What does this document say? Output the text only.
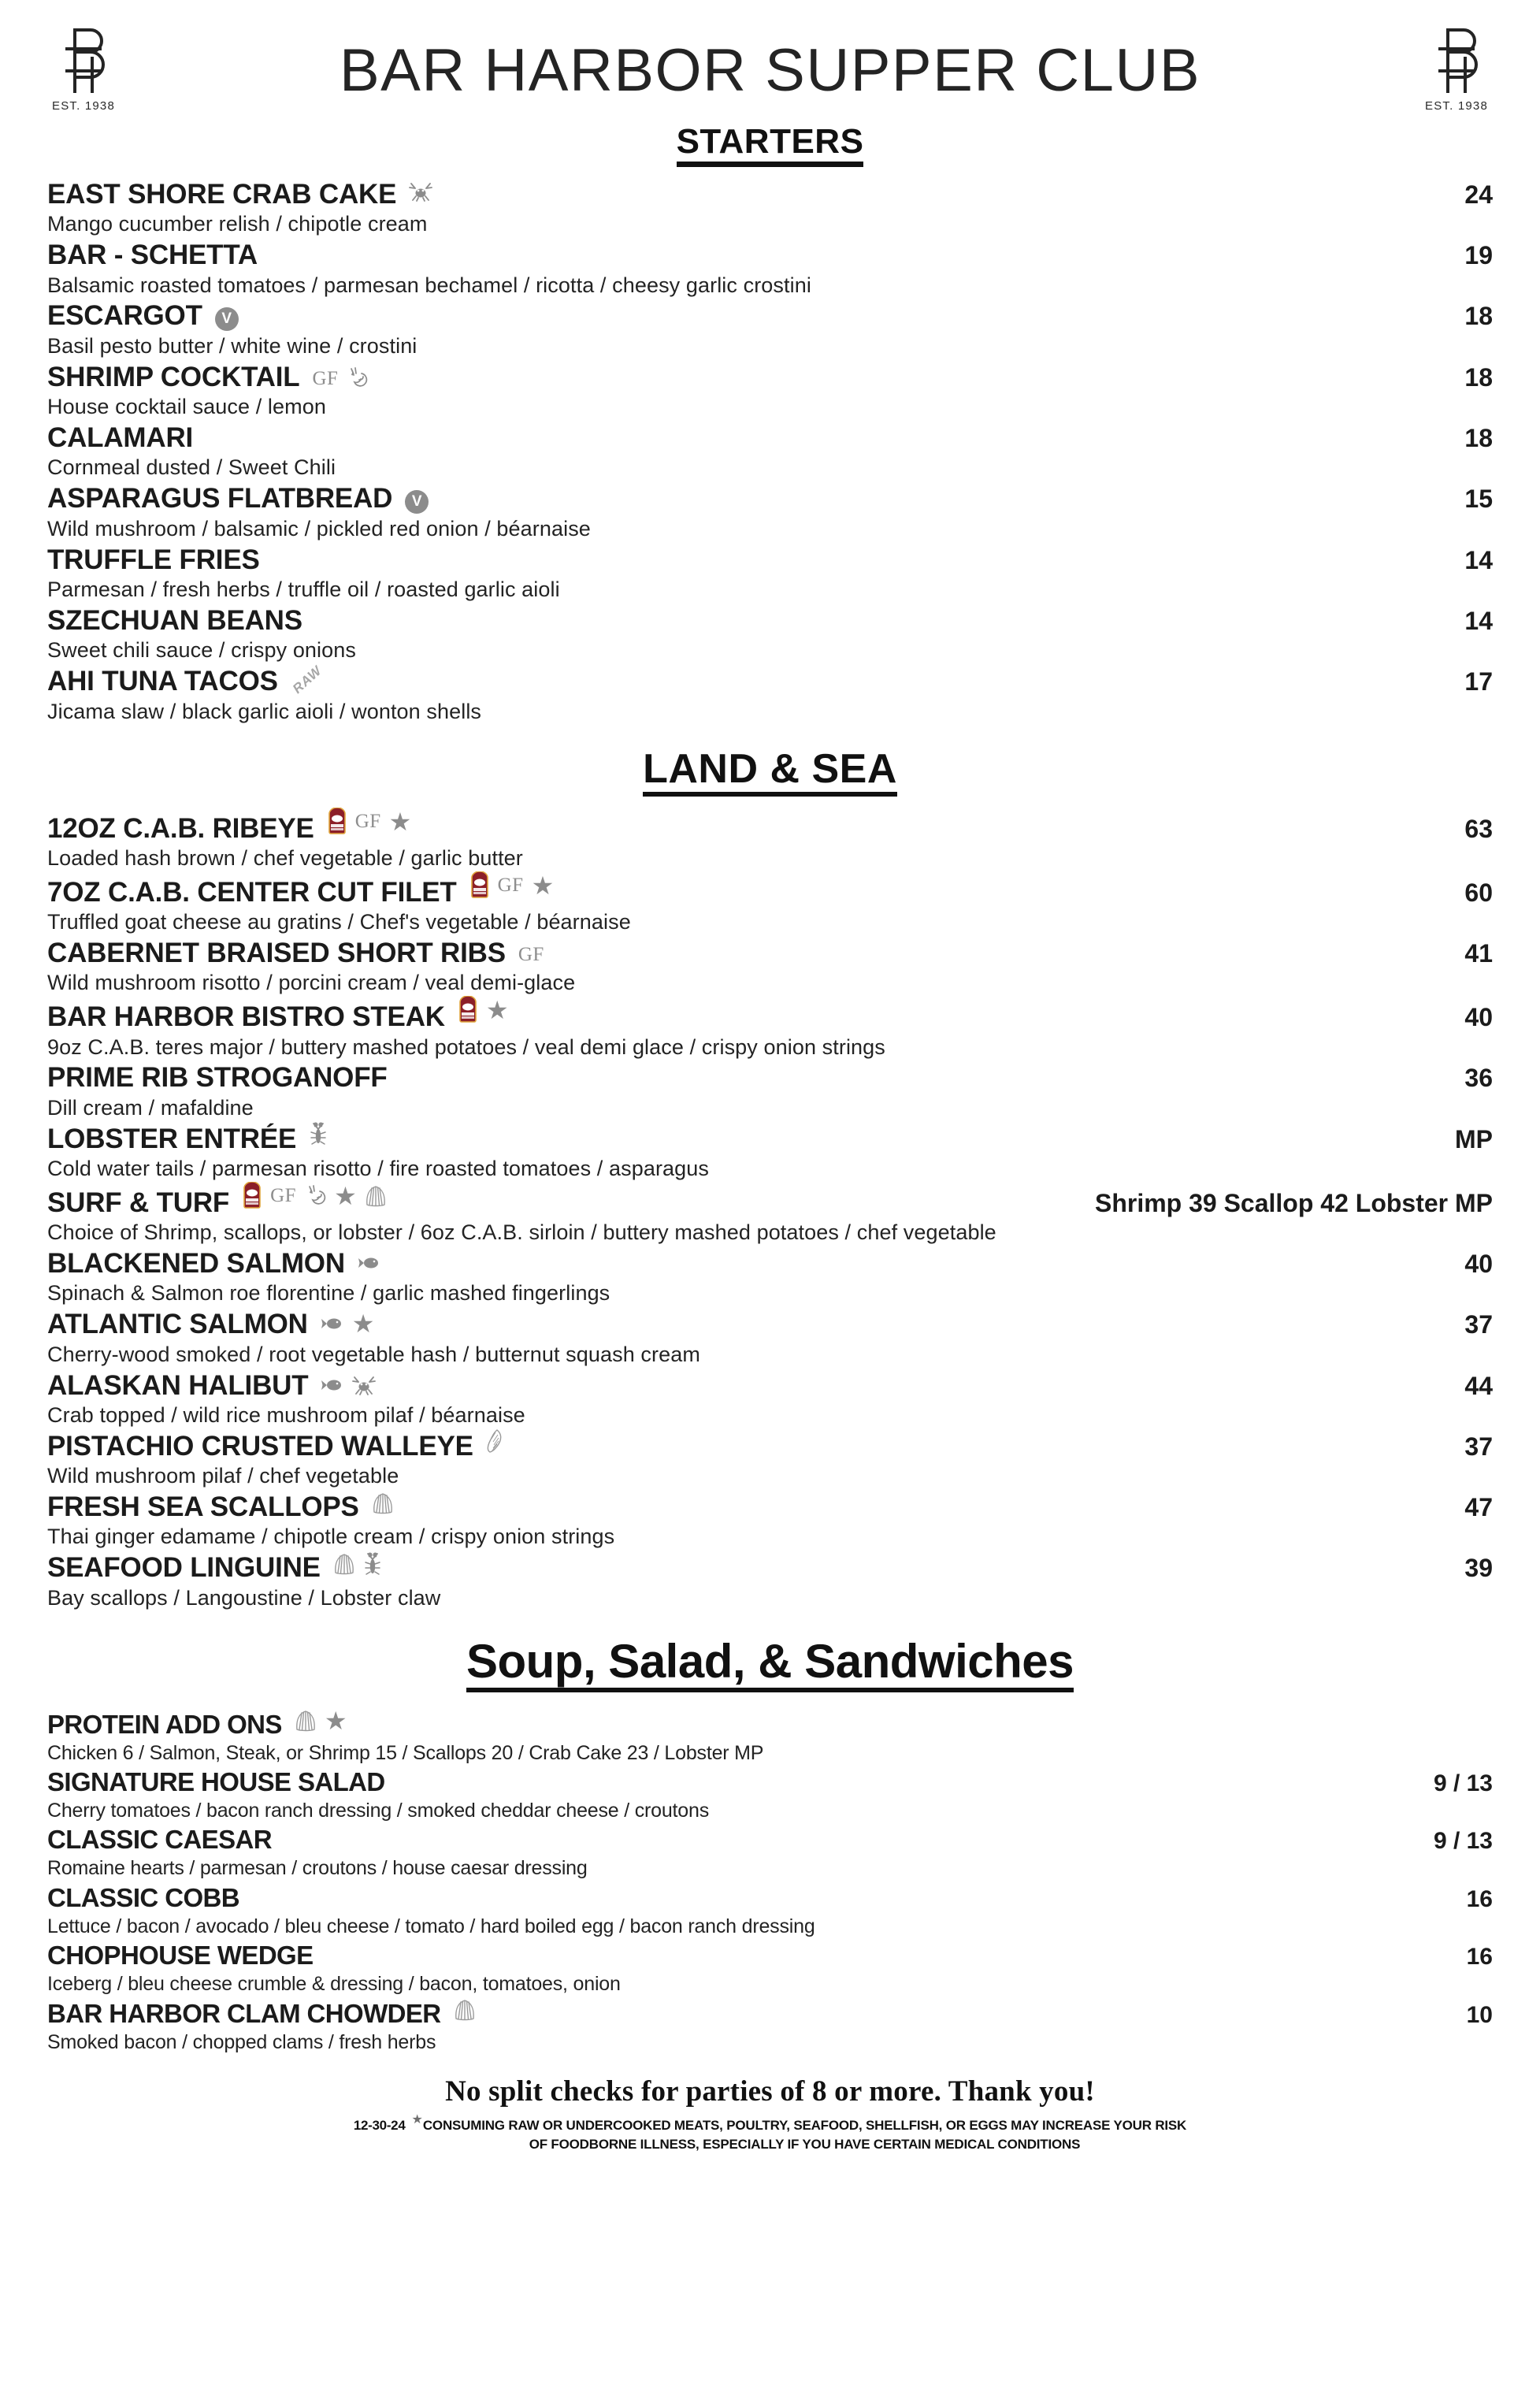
EST. 1938
BAR HARBOR SUPPER CLUB
EST. 1938
STARTERS
EAST SHORE CRAB CAKE	24
Mango cucumber relish / chipotle cream
BAR - SCHETTA	19
Balsamic roasted tomatoes / parmesan bechamel / ricotta / cheesy garlic crostini
ESCARGOT	V	18
Basil pesto butter / white wine / crostini
SHRIMP COCKTAIL GF	18
House cocktail sauce / lemon
CALAMARI	18
Cornmeal dusted / Sweet Chili
ASPARAGUS FLATBREAD	V	15
Wild mushroom / balsamic / pickled red onion / béarnaise
TRUFFLE FRIES	14
Parmesan / fresh herbs / truffle oil / roasted garlic aioli
SZECHUAN BEANS	14
Sweet chili sauce / crispy onions
AHI TUNA TACOS RAW	17
Jicama slaw / black garlic aioli / wonton shells
LAND & SEA
12OZ C.A.B. RIBEYE GF ★	63
Loaded hash brown / chef vegetable / garlic butter
7OZ C.A.B. CENTER CUT FILET GF ★	60
Truffled goat cheese au gratins / Chef's vegetable / béarnaise
CABERNET BRAISED SHORT RIBS GF	41
Wild mushroom risotto / porcini cream / veal demi-glace
BAR HARBOR BISTRO STEAK ★	40
9oz C.A.B. teres major / buttery mashed potatoes / veal demi glace / crispy onion strings
PRIME RIB STROGANOFF	36
Dill cream / mafaldine
LOBSTER ENTRÉE	MP
Cold water tails / parmesan risotto / fire roasted tomatoes / asparagus
SURF & TURF GF ★	Shrimp 39 Scallop 42 Lobster MP
Choice of Shrimp, scallops, or lobster / 6oz C.A.B. sirloin / buttery mashed potatoes / chef vegetable
BLACKENED SALMON	40
Spinach & Salmon roe florentine / garlic mashed fingerlings
ATLANTIC SALMON ★	37
Cherry-wood smoked / root vegetable hash / butternut squash cream
ALASKAN HALIBUT	44
Crab topped / wild rice mushroom pilaf / béarnaise
PISTACHIO CRUSTED WALLEYE	37
Wild mushroom pilaf / chef vegetable
FRESH SEA SCALLOPS	47
Thai ginger edamame / chipotle cream / crispy onion strings
SEAFOOD LINGUINE	39
Bay scallops / Langoustine / Lobster claw
Soup, Salad, & Sandwiches
PROTEIN ADD ONS ★
Chicken 6 / Salmon, Steak, or Shrimp 15 / Scallops 20 / Crab Cake 23 / Lobster MP
SIGNATURE HOUSE SALAD	9 / 13
Cherry tomatoes / bacon ranch dressing / smoked cheddar cheese / croutons
CLASSIC CAESAR	9 / 13
Romaine hearts / parmesan / croutons / house caesar dressing
CLASSIC COBB	16
Lettuce / bacon / avocado / bleu cheese / tomato / hard boiled egg / bacon ranch dressing
CHOPHOUSE WEDGE	16
Iceberg / bleu cheese crumble & dressing / bacon, tomatoes, onion
BAR HARBOR CLAM CHOWDER	10
Smoked bacon / chopped clams / fresh herbs
No split checks for parties of 8 or more. Thank you!
12-30-24 ★ CONSUMING RAW OR UNDERCOOKED MEATS, POULTRY, SEAFOOD, SHELLFISH, OR EGGS MAY INCREASE YOUR RISK
OF FOODBORNE ILLNESS, ESPECIALLY IF YOU HAVE CERTAIN MEDICAL CONDITIONS
